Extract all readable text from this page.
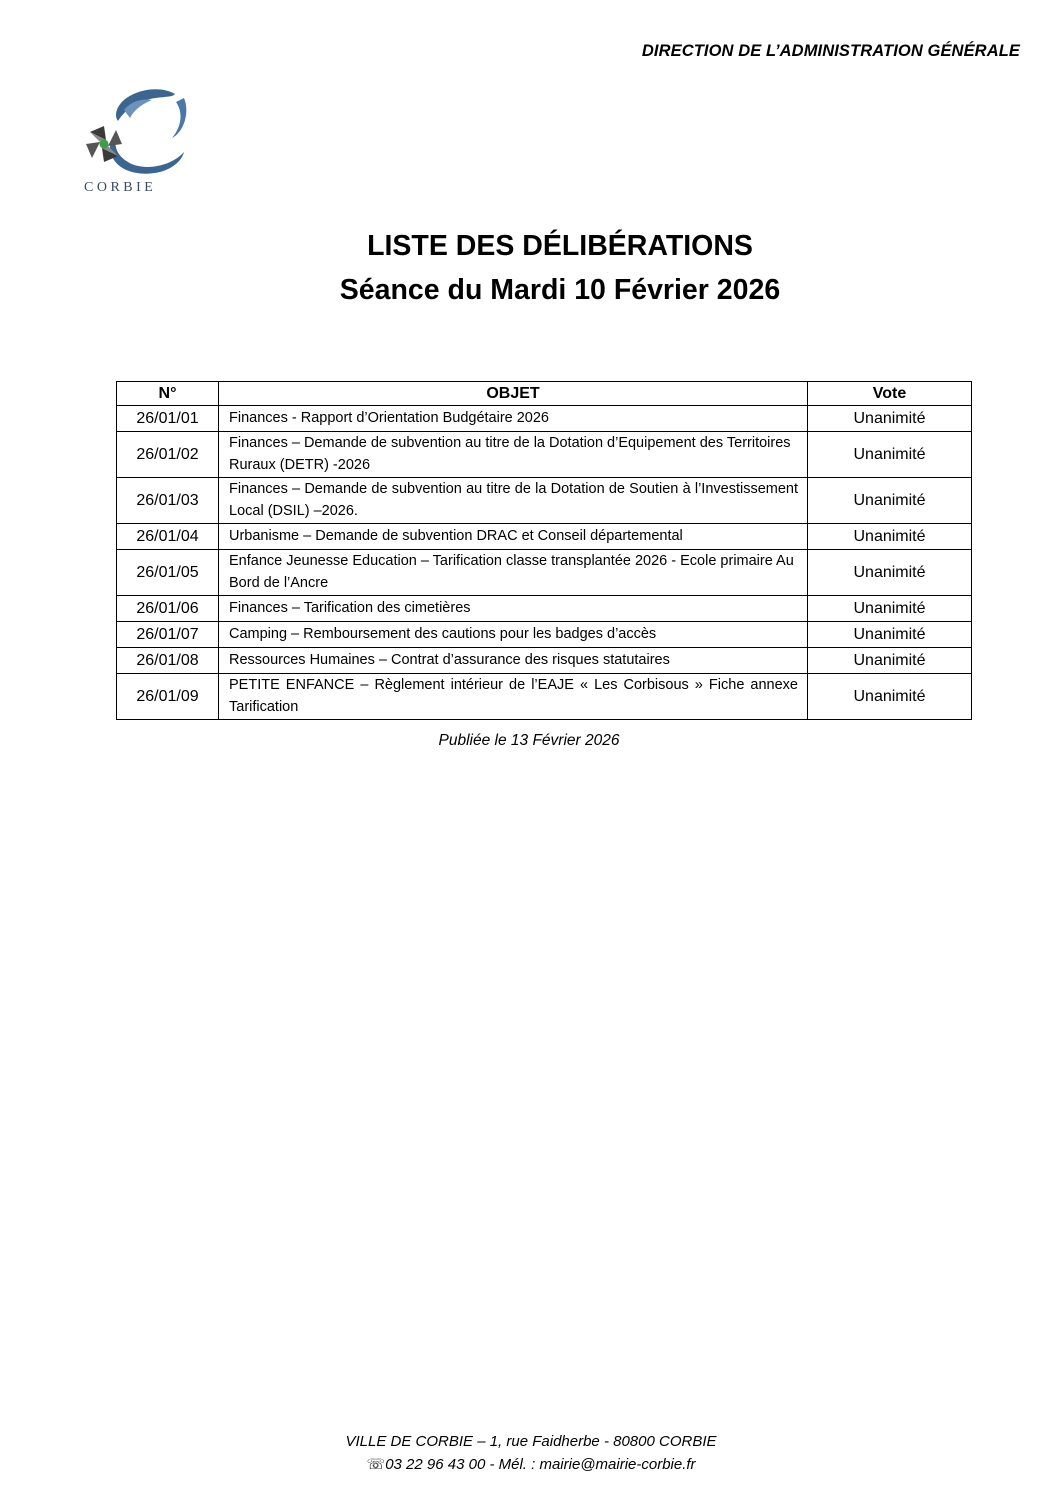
DIRECTION DE L’ADMINISTRATION GÉNÉRALE
CORBIE
LISTE DES DÉLIBÉRATIONS
Séance du Mardi 10 Février 2026
N°	OBJET	Vote
26/01/01	Finances - Rapport d’Orientation Budgétaire 2026	Unanimité
26/01/02	Finances – Demande de subvention au titre de la Dotation d’Equipement des Territoires Ruraux (DETR) -2026	Unanimité
26/01/03	Finances – Demande de subvention au titre de la Dotation de Soutien à l’Investissement Local (DSIL) –2026.	Unanimité
26/01/04	Urbanisme – Demande de subvention DRAC et Conseil départemental	Unanimité
26/01/05	Enfance Jeunesse Education – Tarification classe transplantée 2026 - Ecole primaire Au Bord de l’Ancre	Unanimité
26/01/06	Finances – Tarification des cimetières	Unanimité
26/01/07	Camping – Remboursement des cautions pour les badges d’accès	Unanimité
26/01/08	Ressources Humaines – Contrat d’assurance des risques statutaires	Unanimité
26/01/09	PETITE ENFANCE – Règlement intérieur de l’EAJE « Les Corbisous » Fiche annexe Tarification	Unanimité
Publiée le 13 Février 2026
VILLE DE CORBIE – 1, rue Faidherbe - 80800 CORBIE
☏03 22 96 43 00 - Mél. : mairie@mairie-corbie.fr
